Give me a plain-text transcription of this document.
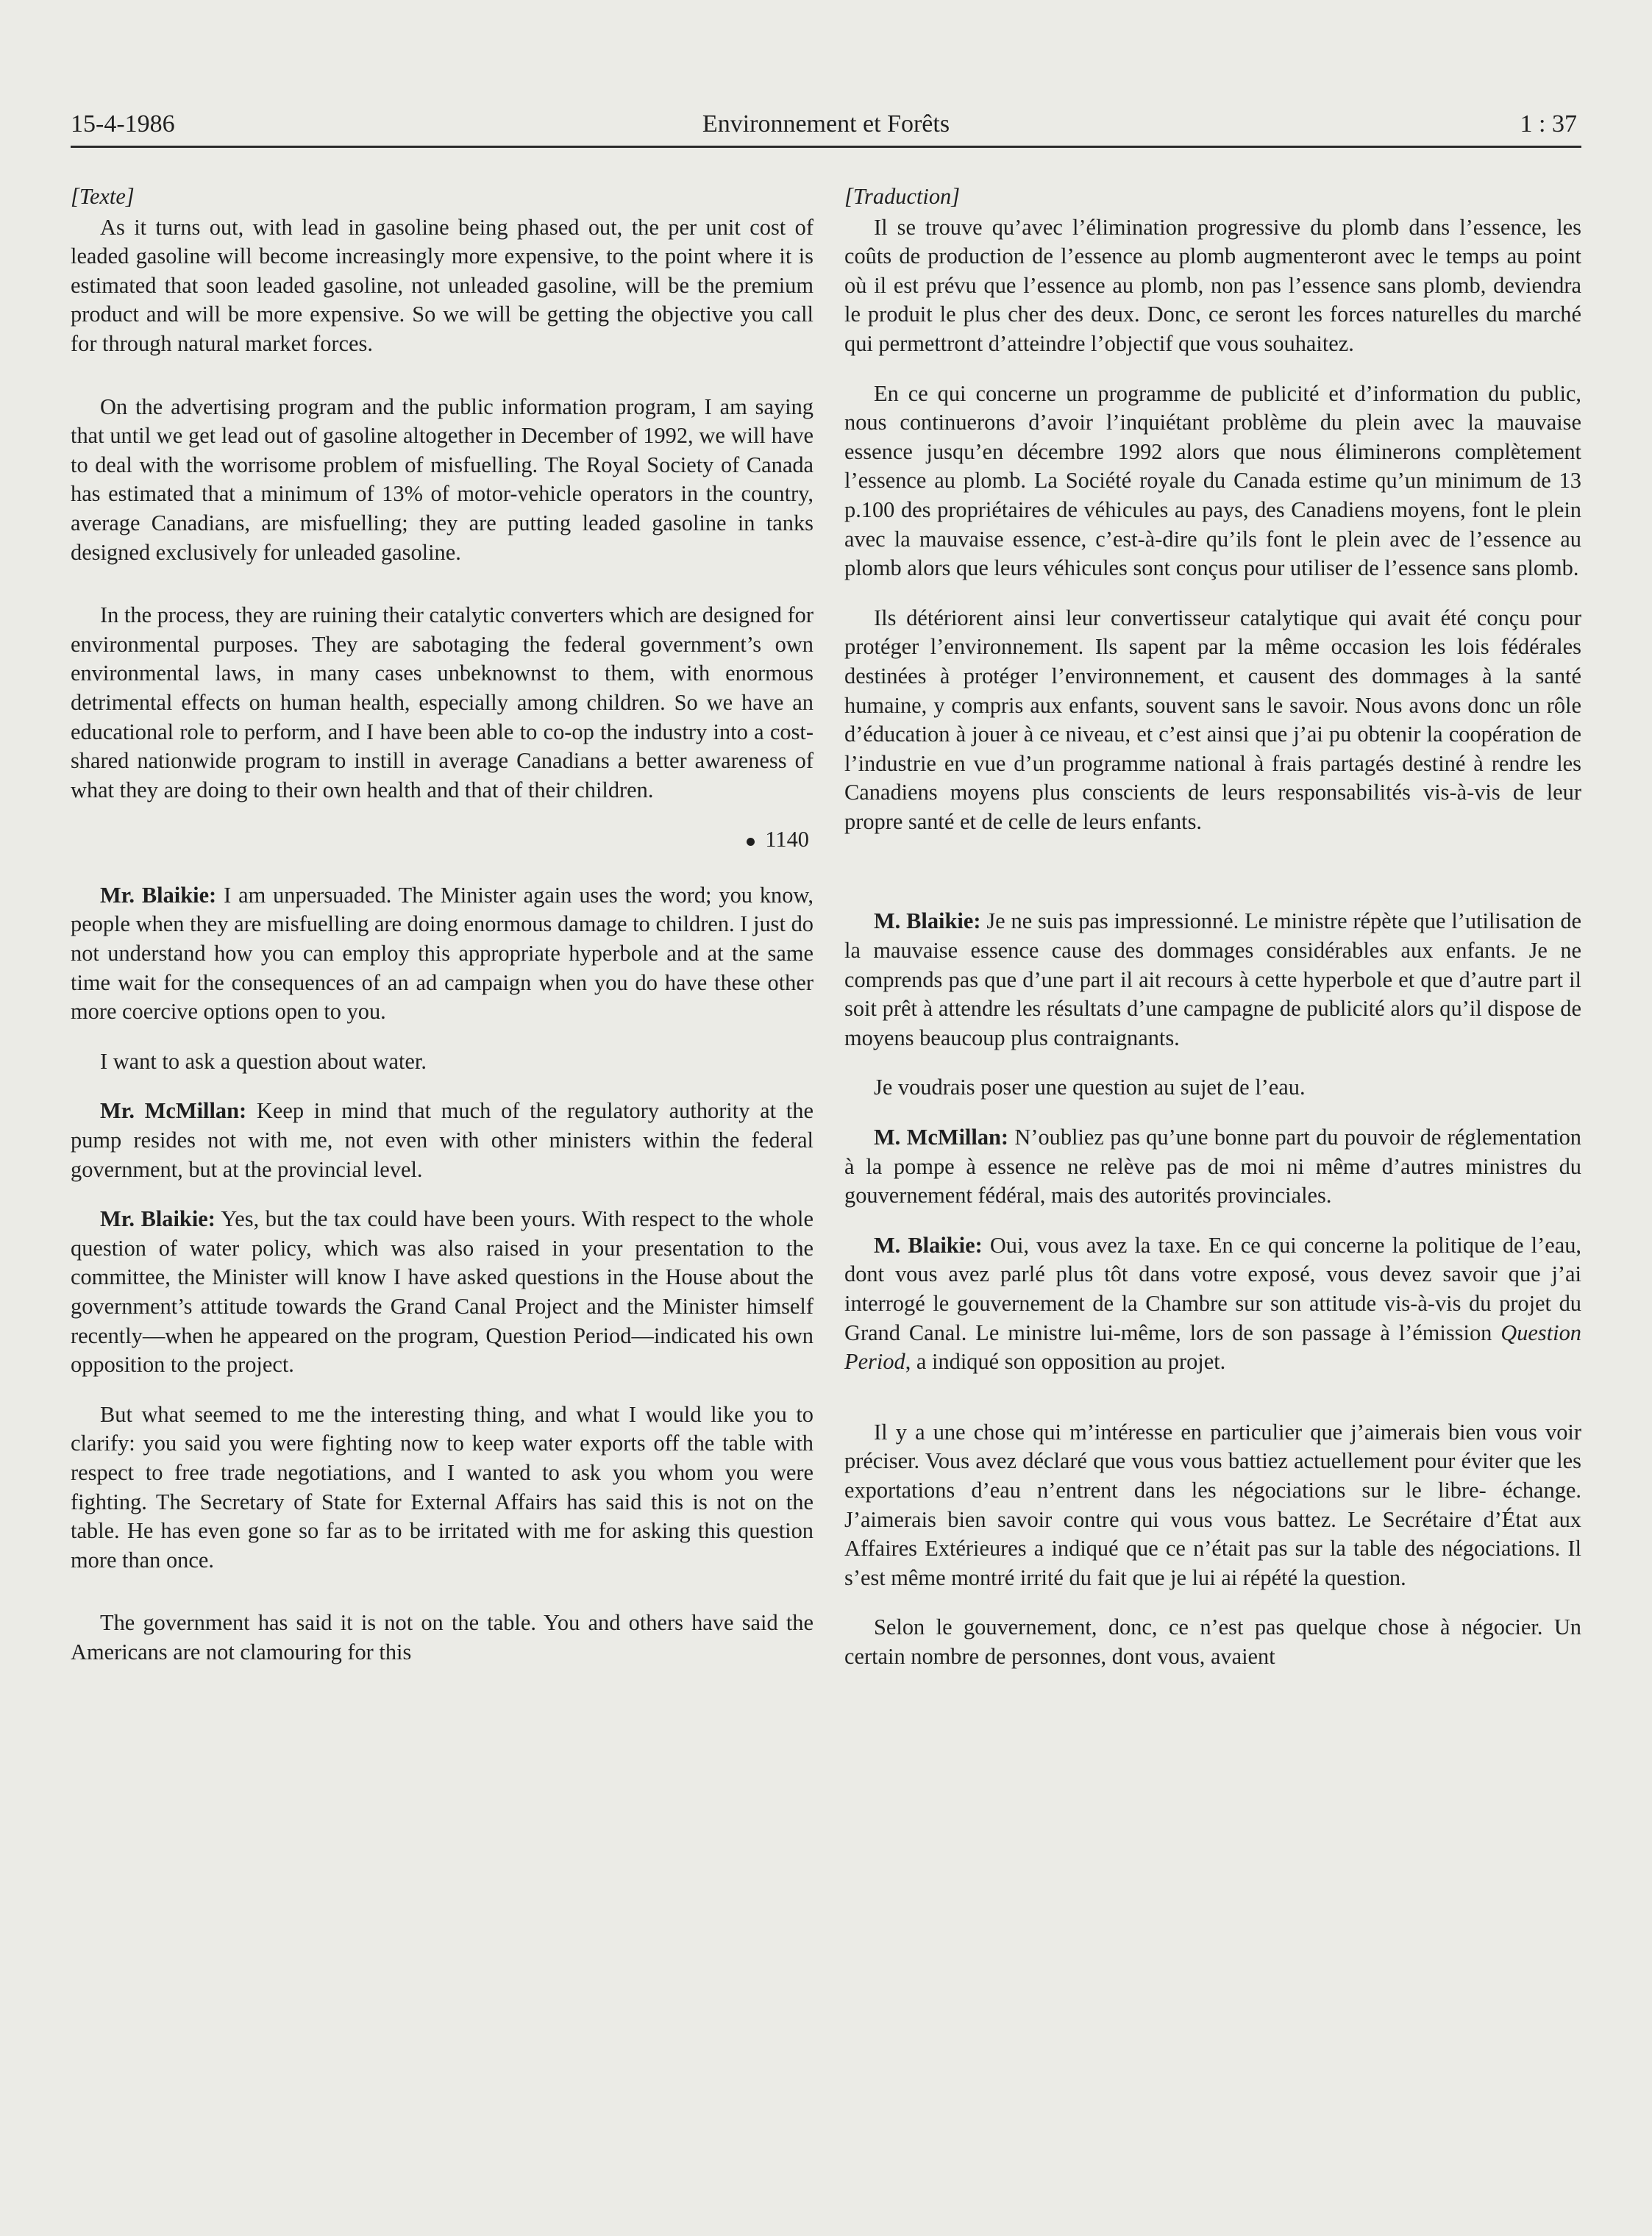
15-4-1986	Environnement et Forêts	1 : 37
[Texte]

As it turns out, with lead in gasoline being phased out, the per unit cost of leaded gasoline will become increasingly more expensive, to the point where it is estimated that soon leaded gasoline, not unleaded gasoline, will be the premium product and will be more expensive. So we will be getting the objective you call for through natural market forces.

On the advertising program and the public information program, I am saying that until we get lead out of gasoline altogether in December of 1992, we will have to deal with the worrisome problem of misfuelling. The Royal Society of Canada has estimated that a minimum of 13% of motor-vehicle operators in the country, average Canadians, are misfuelling; they are putting leaded gasoline in tanks designed exclusively for unleaded gasoline.

In the process, they are ruining their catalytic converters which are designed for environmental purposes. They are sabotaging the federal government’s own environmental laws, in many cases unbeknownst to them, with enormous detrimental effects on human health, especially among children. So we have an educational role to perform, and I have been able to co-op the industry into a cost-shared nationwide program to instill in average Canadians a better awareness of what they are doing to their own health and that of their children.

1140

Mr. Blaikie: I am unpersuaded. The Minister again uses the word; you know, people when they are misfuelling are doing enormous damage to children. I just do not understand how you can employ this appropriate hyperbole and at the same time wait for the consequences of an ad campaign when you do have these other more coercive options open to you.

I want to ask a question about water.

Mr. McMillan: Keep in mind that much of the regulatory authority at the pump resides not with me, not even with other ministers within the federal government, but at the provincial level.

Mr. Blaikie: Yes, but the tax could have been yours. With respect to the whole question of water policy, which was also raised in your presentation to the committee, the Minister will know I have asked questions in the House about the government’s attitude towards the Grand Canal Project and the Minister himself recently—when he appeared on the program, Question Period—indicated his own opposition to the project.

But what seemed to me the interesting thing, and what I would like you to clarify: you said you were fighting now to keep water exports off the table with respect to free trade negotiations, and I wanted to ask you whom you were fighting. The Secretary of State for External Affairs has said this is not on the table. He has even gone so far as to be irritated with me for asking this question more than once.

The government has said it is not on the table. You and others have said the Americans are not clamouring for this

[Traduction]

Il se trouve qu’avec l’élimination progressive du plomb dans l’essence, les coûts de production de l’essence au plomb augmenteront avec le temps au point où il est prévu que l’essence au plomb, non pas l’essence sans plomb, deviendra le produit le plus cher des deux. Donc, ce seront les forces naturelles du marché qui permettront d’atteindre l’objectif que vous souhaitez.

En ce qui concerne un programme de publicité et d’information du public, nous continuerons d’avoir l’inquiétant problème du plein avec la mauvaise essence jusqu’en décembre 1992 alors que nous éliminerons complètement l’essence au plomb. La Société royale du Canada estime qu’un minimum de 13 p.100 des propriétaires de véhicules au pays, des Canadiens moyens, font le plein avec la mauvaise essence, c’est-à-dire qu’ils font le plein avec de l’essence au plomb alors que leurs véhicules sont conçus pour utiliser de l’essence sans plomb.

Ils détériorent ainsi leur convertisseur catalytique qui avait été conçu pour protéger l’environnement. Ils sapent par la même occasion les lois fédérales destinées à protéger l’environnement, et causent des dommages à la santé humaine, y compris aux enfants, souvent sans le savoir. Nous avons donc un rôle d’éducation à jouer à ce niveau, et c’est ainsi que j’ai pu obtenir la coopération de l’industrie en vue d’un programme national à frais partagés destiné à rendre les Canadiens moyens plus conscients de leurs responsabilités vis-à-vis de leur propre santé et de celle de leurs enfants.

M. Blaikie: Je ne suis pas impressionné. Le ministre répète que l’utilisation de la mauvaise essence cause des dommages considérables aux enfants. Je ne comprends pas que d’une part il ait recours à cette hyperbole et que d’autre part il soit prêt à attendre les résultats d’une campagne de publicité alors qu’il dispose de moyens beaucoup plus contraignants.

Je voudrais poser une question au sujet de l’eau.

M. McMillan: N’oubliez pas qu’une bonne part du pouvoir de réglementation à la pompe à essence ne relève pas de moi ni même d’autres ministres du gouvernement fédéral, mais des autorités provinciales.

M. Blaikie: Oui, vous avez la taxe. En ce qui concerne la politique de l’eau, dont vous avez parlé plus tôt dans votre exposé, vous devez savoir que j’ai interrogé le gouvernement de la Chambre sur son attitude vis-à-vis du projet du Grand Canal. Le ministre lui-même, lors de son passage à l’émission Question Period, a indiqué son opposition au projet.

Il y a une chose qui m’intéresse en particulier que j’aimerais bien vous voir préciser. Vous avez déclaré que vous vous battiez actuellement pour éviter que les exportations d’eau n’entrent dans les négociations sur le libre- échange. J’aimerais bien savoir contre qui vous vous battez. Le Secrétaire d’État aux Affaires Extérieures a indiqué que ce n’était pas sur la table des négociations. Il s’est même montré irrité du fait que je lui ai répété la question.

Selon le gouvernement, donc, ce n’est pas quelque chose à négocier. Un certain nombre de personnes, dont vous, avaient
